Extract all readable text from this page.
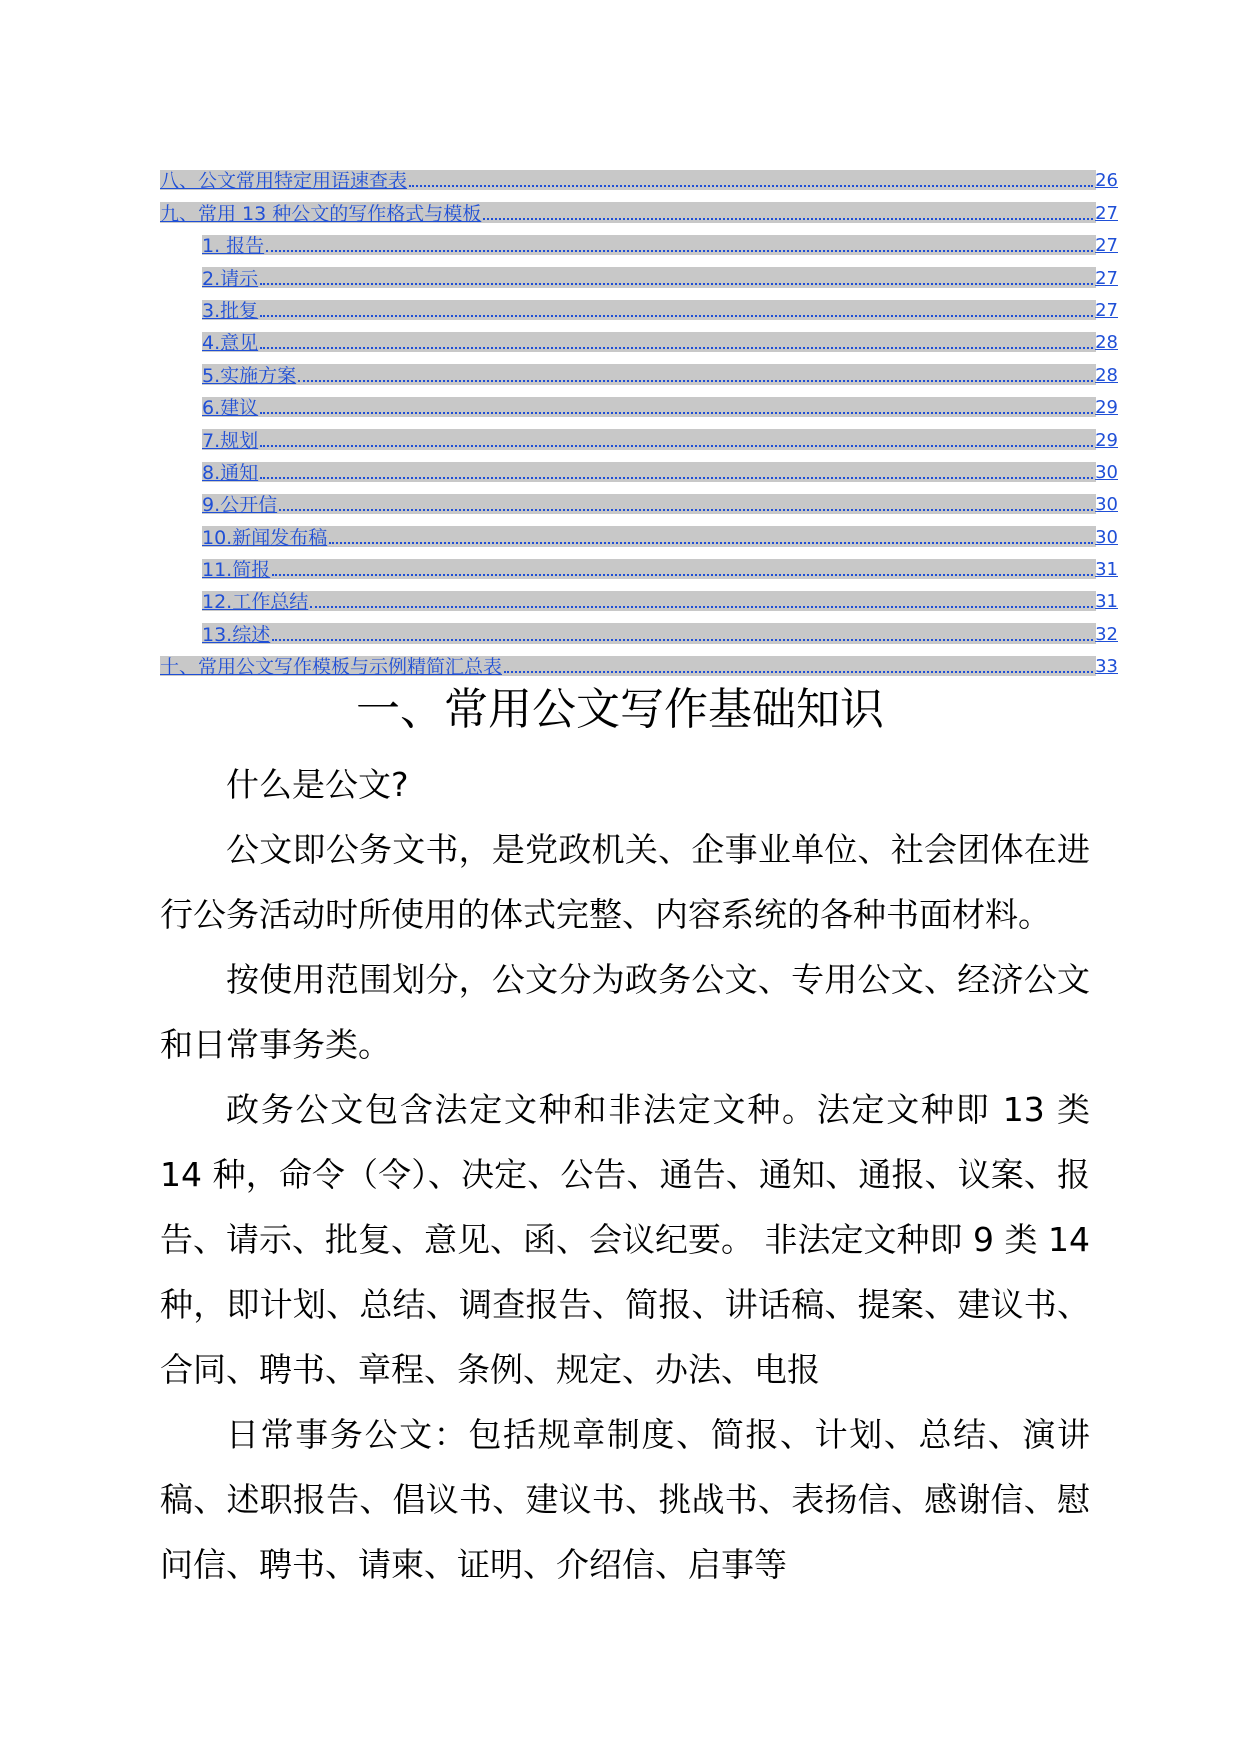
八、公文常用特定用语速查表	26
九、常用 13 种公文的写作格式与模板	27
1. 报告	27
2.请示	27
3.批复	27
4.意见	28
5.实施方案	28
6.建议	29
7.规划	29
8.通知	30
9.公开信	30
10.新闻发布稿	30
11.简报	31
12.工作总结	31
13.综述	32
十、常用公文写作模板与示例精简汇总表	33
一、常用公文写作基础知识

什么是公文?

公文即公务文书，是党政机关、企事业单位、社会团体在进行公务活动时所使用的体式完整、内容系统的各种书面材料。

按使用范围划分，公文分为政务公文、专用公文、经济公文和日常事务类。

政务公文包含法定文种和非法定文种。法定文种即 13 类 14 种，命令（令）、决定、公告、通告、通知、通报、议案、报告、请示、批复、意见、函、会议纪要。 非法定文种即 9 类 14 种，即计划、总结、调查报告、简报、讲话稿、提案、建议书、合同、聘书、章程、条例、规定、办法、电报

日常事务公文：包括规章制度、简报、计划、总结、演讲稿、述职报告、倡议书、建议书、挑战书、表扬信、感谢信、慰问信、聘书、请柬、证明、介绍信、启事等
